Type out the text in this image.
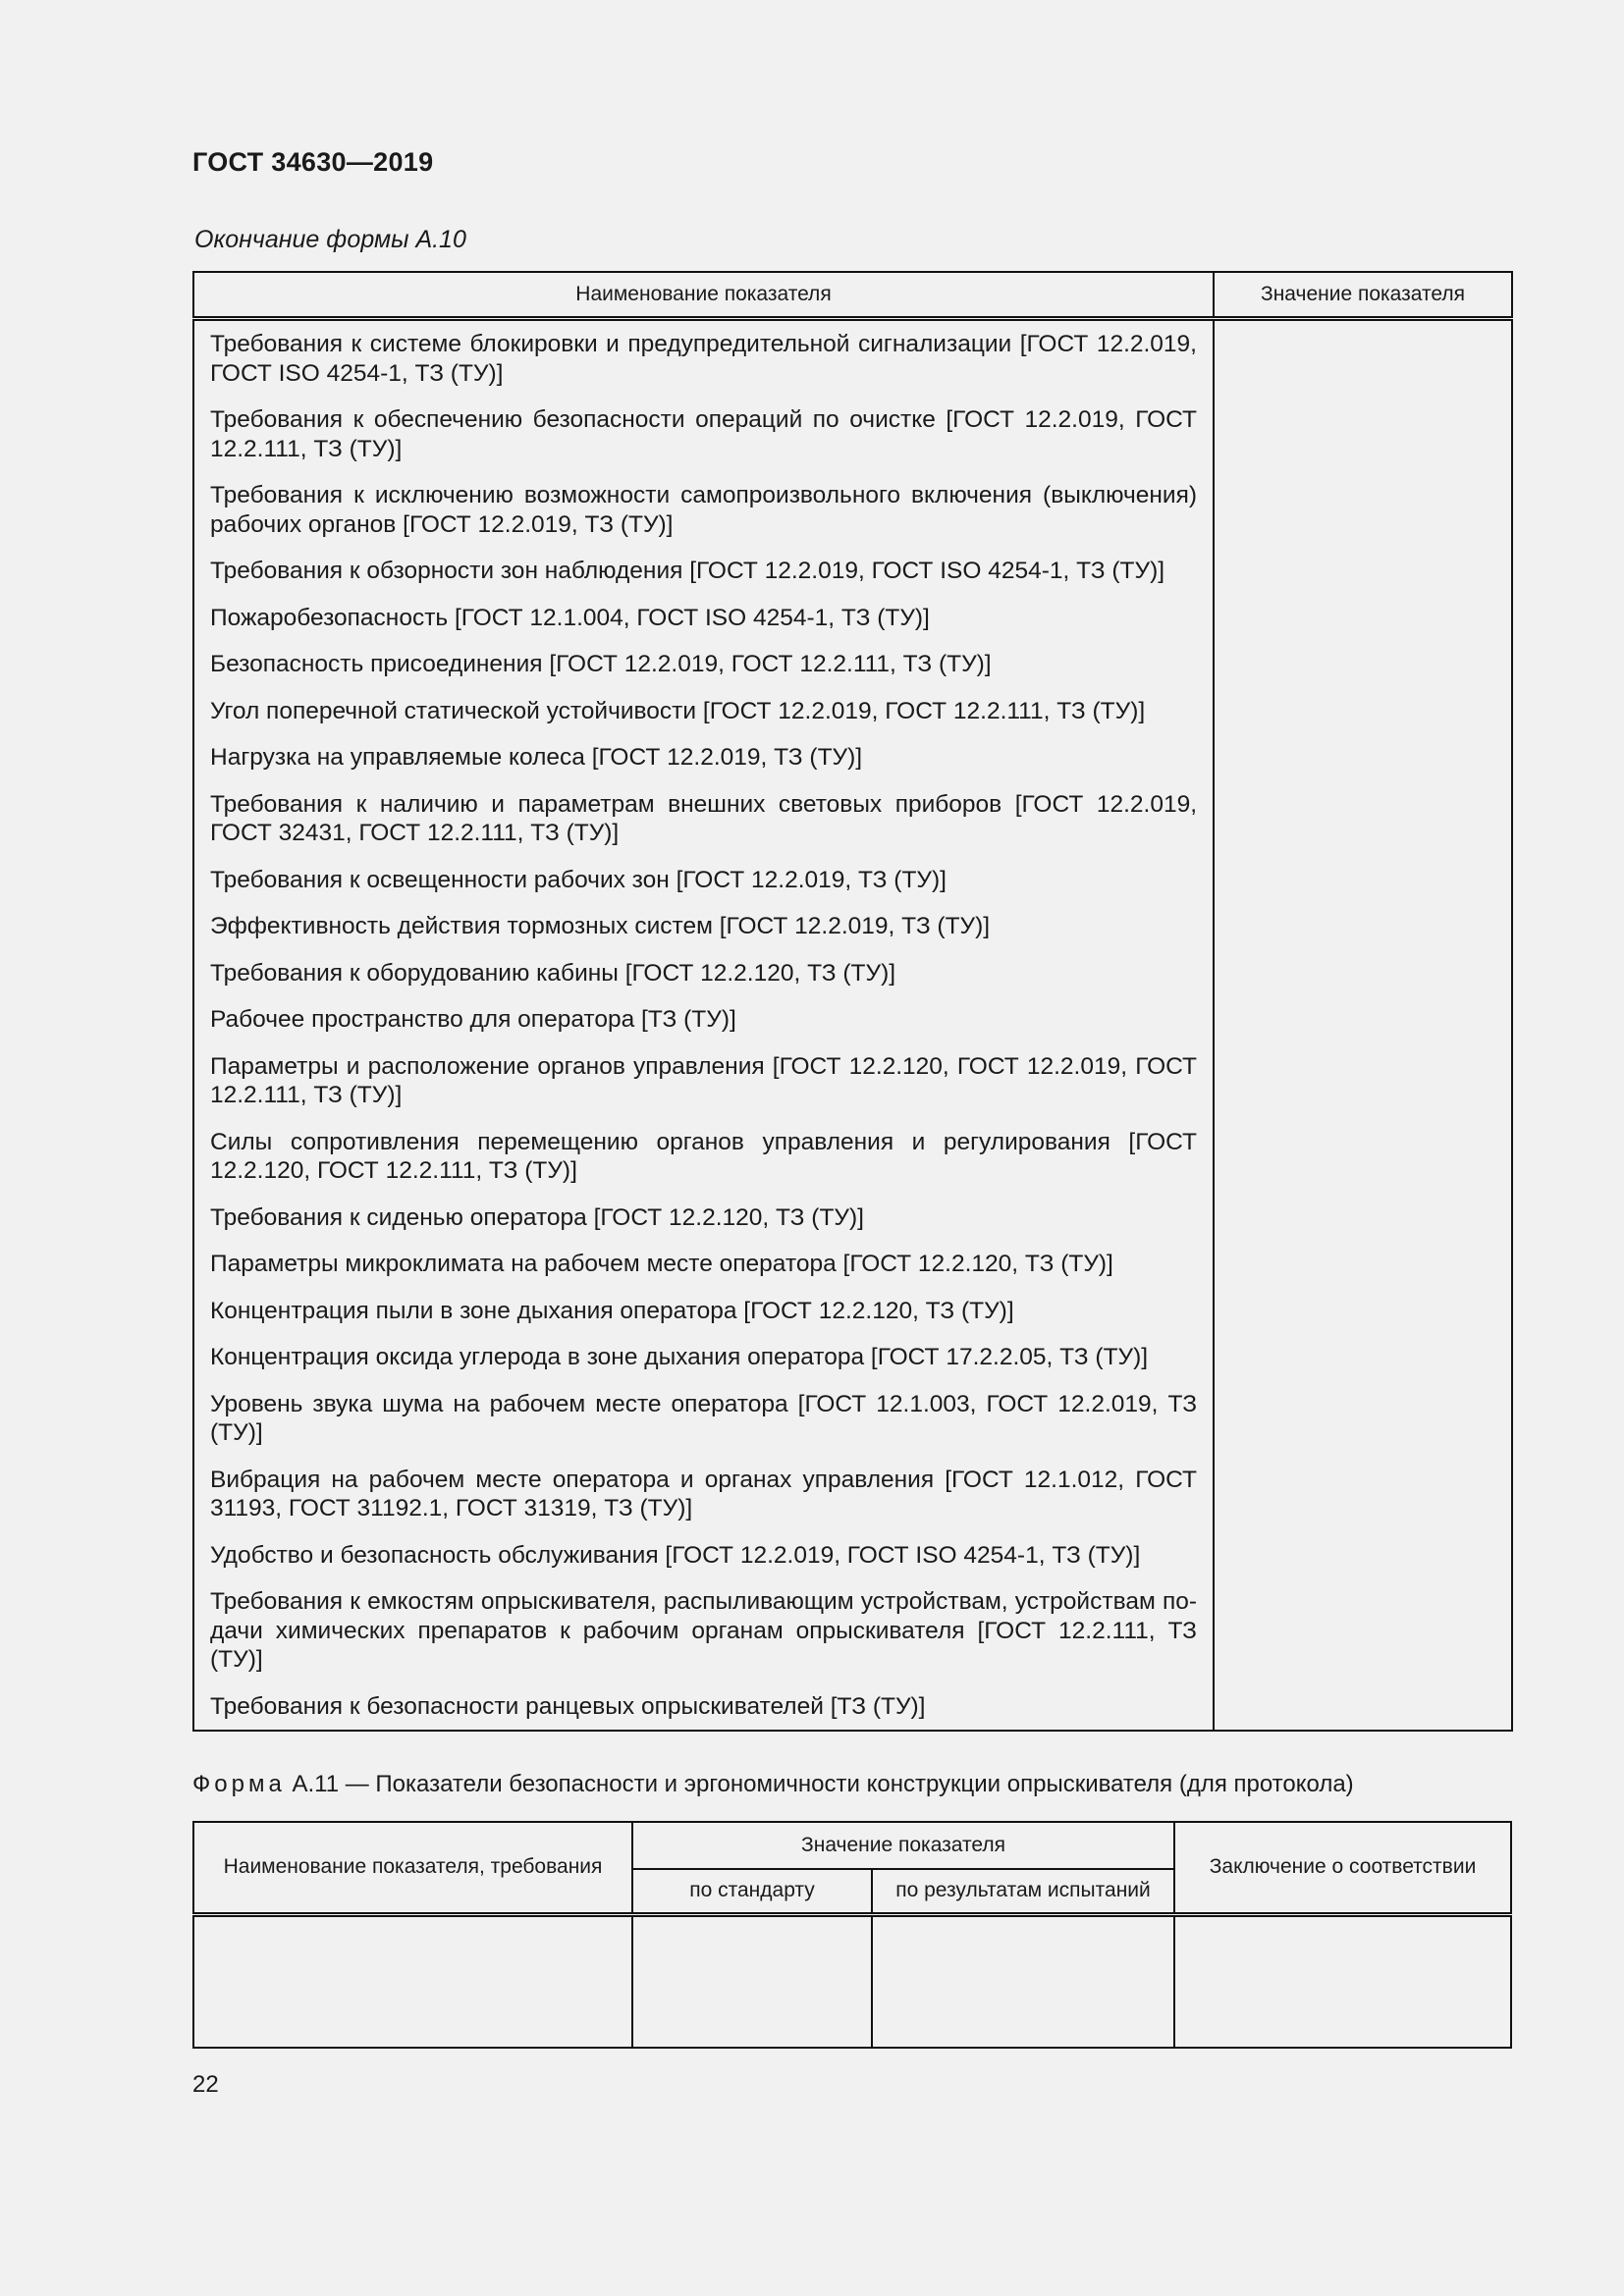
ГОСТ 34630—2019
Окончание формы А.10
Наименование показателя	Значение показателя
Требования к системе блокировки и предупредительной сигнализации [ГОСТ 12.2.019, ГОСТ ISO 4254-1, ТЗ (ТУ)]	
Требования к обеспечению безопасности операций по очистке [ГОСТ 12.2.019, ГОСТ 12.2.111, ТЗ (ТУ)]	
Требования к исключению возможности самопроизвольного включения (выключения) рабочих органов [ГОСТ 12.2.019, ТЗ (ТУ)]	
Требования к обзорности зон наблюдения [ГОСТ 12.2.019, ГОСТ ISO 4254-1, ТЗ (ТУ)]	
Пожаробезопасность [ГОСТ 12.1.004, ГОСТ ISO 4254-1, ТЗ (ТУ)]	
Безопасность присоединения [ГОСТ 12.2.019, ГОСТ 12.2.111, ТЗ (ТУ)]	
Угол поперечной статической устойчивости [ГОСТ 12.2.019, ГОСТ 12.2.111, ТЗ (ТУ)]	
Нагрузка на управляемые колеса [ГОСТ 12.2.019, ТЗ (ТУ)]	
Требования к наличию и параметрам внешних световых приборов [ГОСТ 12.2.019, ГОСТ 32431, ГОСТ 12.2.111, ТЗ (ТУ)]	
Требования к освещенности рабочих зон [ГОСТ 12.2.019, ТЗ (ТУ)]	
Эффективность действия тормозных систем [ГОСТ 12.2.019, ТЗ (ТУ)]	
Требования к оборудованию кабины [ГОСТ 12.2.120, ТЗ (ТУ)]	
Рабочее пространство для оператора [ТЗ (ТУ)]	
Параметры и расположение органов управления [ГОСТ 12.2.120, ГОСТ 12.2.019, ГОСТ 12.2.111, ТЗ (ТУ)]	
Силы сопротивления перемещению органов управления и регулирования [ГОСТ 12.2.120, ГОСТ 12.2.111, ТЗ (ТУ)]	
Требования к сиденью оператора [ГОСТ 12.2.120, ТЗ (ТУ)]	
Параметры микроклимата на рабочем месте оператора [ГОСТ 12.2.120, ТЗ (ТУ)]	
Концентрация пыли в зоне дыхания оператора [ГОСТ 12.2.120, ТЗ (ТУ)]	
Концентрация оксида углерода в зоне дыхания оператора [ГОСТ 17.2.2.05, ТЗ (ТУ)]	
Уровень звука шума на рабочем месте оператора [ГОСТ 12.1.003, ГОСТ 12.2.019, ТЗ (ТУ)]	
Вибрация на рабочем месте оператора и органах управления [ГОСТ 12.1.012, ГОСТ 31193, ГОСТ 31192.1, ГОСТ 31319, ТЗ (ТУ)]	
Удобство и безопасность обслуживания [ГОСТ 12.2.019, ГОСТ ISO 4254-1, ТЗ (ТУ)]	
Требования к емкостям опрыскивателя, распыливающим устройствам, устройствам по-дачи химических препаратов к рабочим органам опрыскивателя [ГОСТ 12.2.111, ТЗ (ТУ)]	
Требования к безопасности ранцевых опрыскивателей [ТЗ (ТУ)]	
Форма А.11 — Показатели безопасности и эргономичности конструкции опрыскивателя (для протокола)
Наименование показателя, требования	Значение показателя		Заключение о соответствии
	по стандарту	по результатам испытаний	

22
